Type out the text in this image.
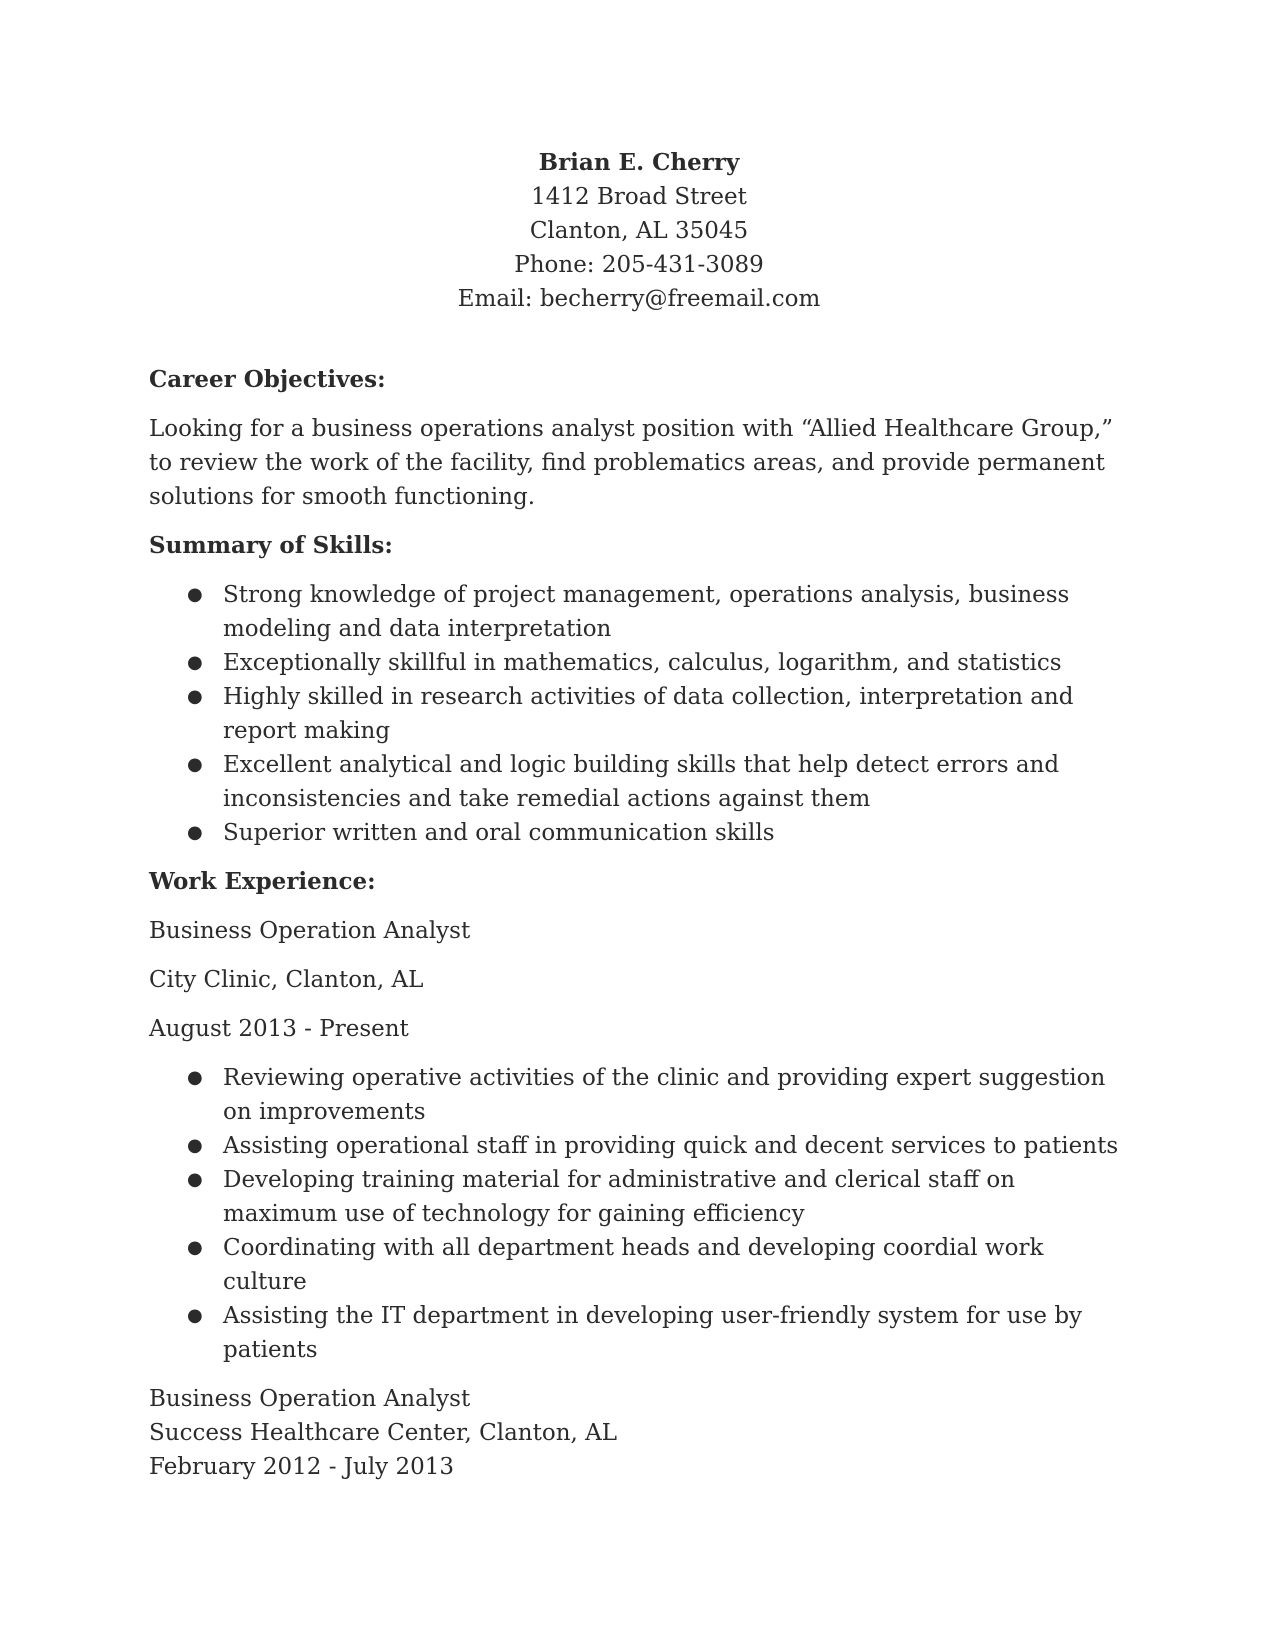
Brian E. Cherry
1412 Broad Street
Clanton, AL 35045
Phone: 205-431-3089
Email: becherry@freemail.com
Career Objectives:

Looking for a business operations analyst position with “Allied Healthcare Group,” to review the work of the facility, find problematics areas, and provide permanent solutions for smooth functioning.

Summary of Skills:
● Strong knowledge of project management, operations analysis, business modeling and data interpretation
● Exceptionally skillful in mathematics, calculus, logarithm, and statistics
● Highly skilled in research activities of data collection, interpretation and report making
● Excellent analytical and logic building skills that help detect errors and inconsistencies and take remedial actions against them
● Superior written and oral communication skills
Work Experience:

Business Operation Analyst

City Clinic, Clanton, AL

August 2013 - Present

● Reviewing operative activities of the clinic and providing expert suggestion on improvements
● Assisting operational staff in providing quick and decent services to patients
● Developing training material for administrative and clerical staff on maximum use of technology for gaining efficiency
● Coordinating with all department heads and developing coordial work culture
● Assisting the IT department in developing user-friendly system for use by patients
Business Operation Analyst
Success Healthcare Center, Clanton, AL
February 2012 - July 2013
